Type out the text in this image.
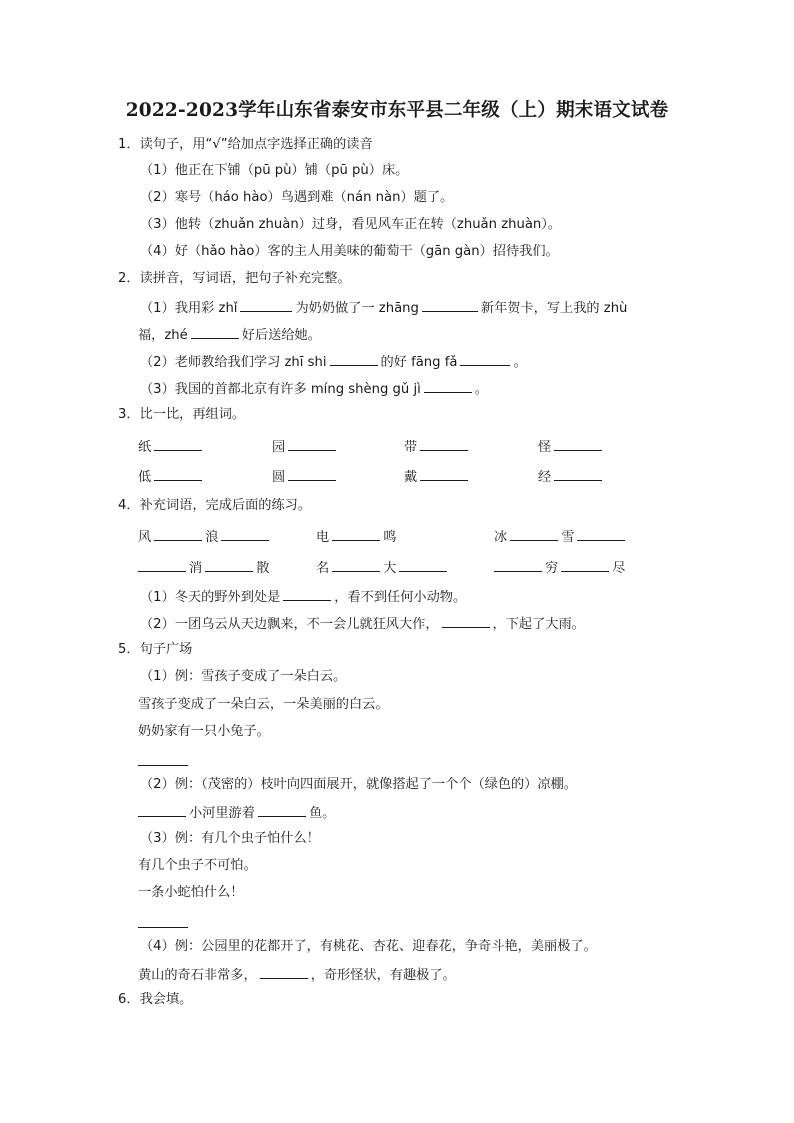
2022-2023学年山东省泰安市东平县二年级（上）期末语文试卷
1．读句子，用“√”给加点字选择正确的读音
（1）他正在下铺（pū pù）铺（pū pù）床。
（2）寒号（háo hào）鸟遇到难（nán nàn）题了。
（3）他转（zhuǎn zhuàn）过身，看见风车正在转（zhuǎn zhuàn）。
（4）好（hǎo hào）客的主人用美味的葡萄干（gān gàn）招待我们。
2．读拼音，写词语，把句子补充完整。
（1）我用彩 zhǐ	为奶奶做了一 zhāng	新年贺卡，写上我的 zhù
福，zhé	好后送给她。
（2）老师教给我们学习 zhī shi	的好 fāng fǎ	。
（3）我国的首都北京有许多 míng shèng gǔ jì	。
3．比一比，再组词。
纸	园	带	怪
低	圆	戴	经
4．补充词语，完成后面的练习。
风	浪	电	鸣	冰	雪
消	散	名	大	穷	尽
（1）冬天的野外到处是	，看不到任何小动物。
（2）一团乌云从天边飘来，不一会儿就狂风大作，	，下起了大雨。
5．句子广场
（1）例：雪孩子变成了一朵白云。
雪孩子变成了一朵白云，一朵美丽的白云。
奶奶家有一只小兔子。
（2）例：（茂密的）枝叶向四面展开，就像搭起了一个个（绿色的）凉棚。
小河里游着	鱼。
（3）例：有几个虫子怕什么！
有几个虫子不可怕。
一条小蛇怕什么！
（4）例：公园里的花都开了，有桃花、杏花、迎春花，争奇斗艳，美丽极了。
黄山的奇石非常多，	，奇形怪状，有趣极了。
6．我会填。
